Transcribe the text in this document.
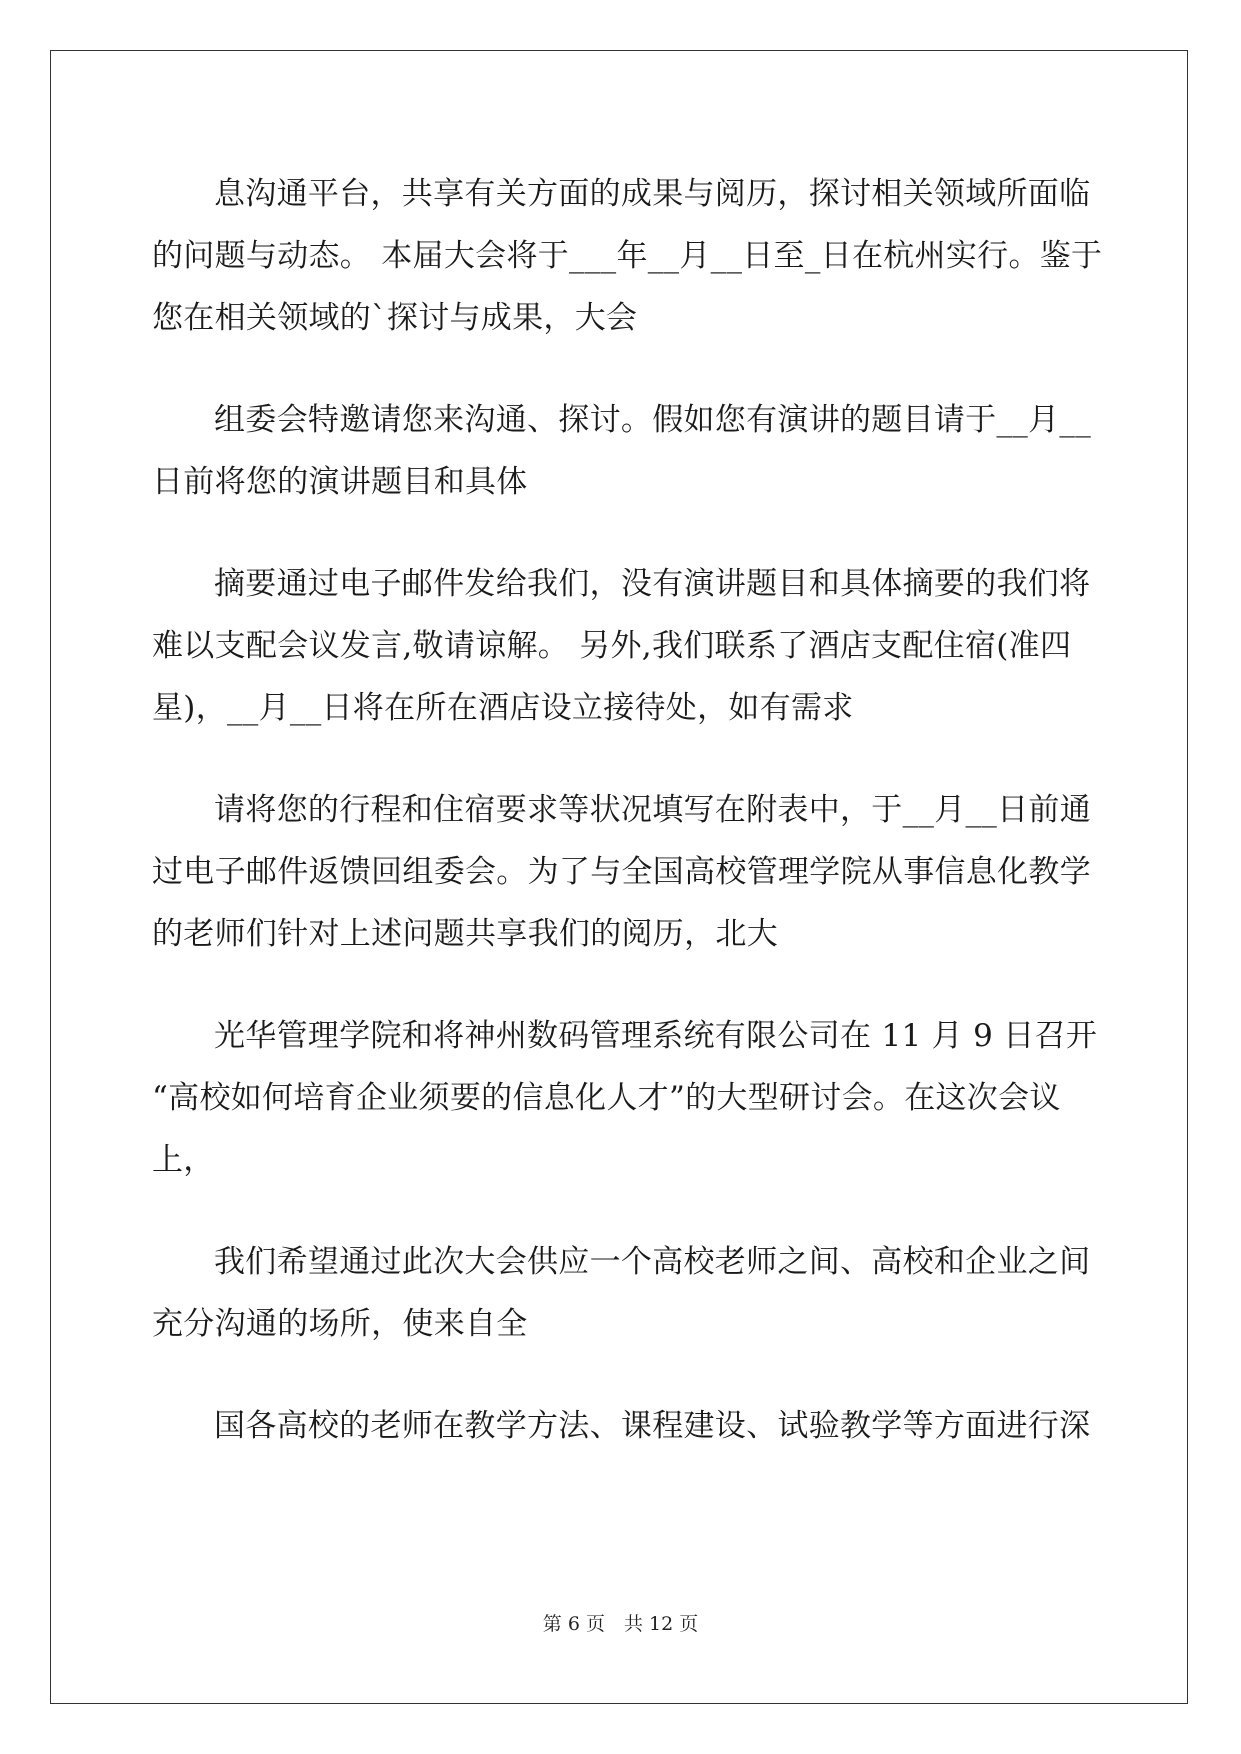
息沟通平台，共享有关方面的成果与阅历，探讨相关领域所面临
的问题与动态。 本届大会将于___年__月__日至_日在杭州实行。鉴于
您在相关领域的`探讨与成果，大会
组委会特邀请您来沟通、探讨。假如您有演讲的题目请于__月__
日前将您的演讲题目和具体
摘要通过电子邮件发给我们，没有演讲题目和具体摘要的我们将
难以支配会议发言,敬请谅解。 另外,我们联系了酒店支配住宿(准四
星)，__月__日将在所在酒店设立接待处，如有需求
请将您的行程和住宿要求等状况填写在附表中，于__月__日前通
过电子邮件返馈回组委会。为了与全国高校管理学院从事信息化教学
的老师们针对上述问题共享我们的阅历，北大
光华管理学院和将神州数码管理系统有限公司在 11 月 9 日召开
“高校如何培育企业须要的信息化人才”的大型研讨会。在这次会议
上，
我们希望通过此次大会供应一个高校老师之间、高校和企业之间
充分沟通的场所，使来自全
国各高校的老师在教学方法、课程建设、试验教学等方面进行深
第 6 页　共 12 页
